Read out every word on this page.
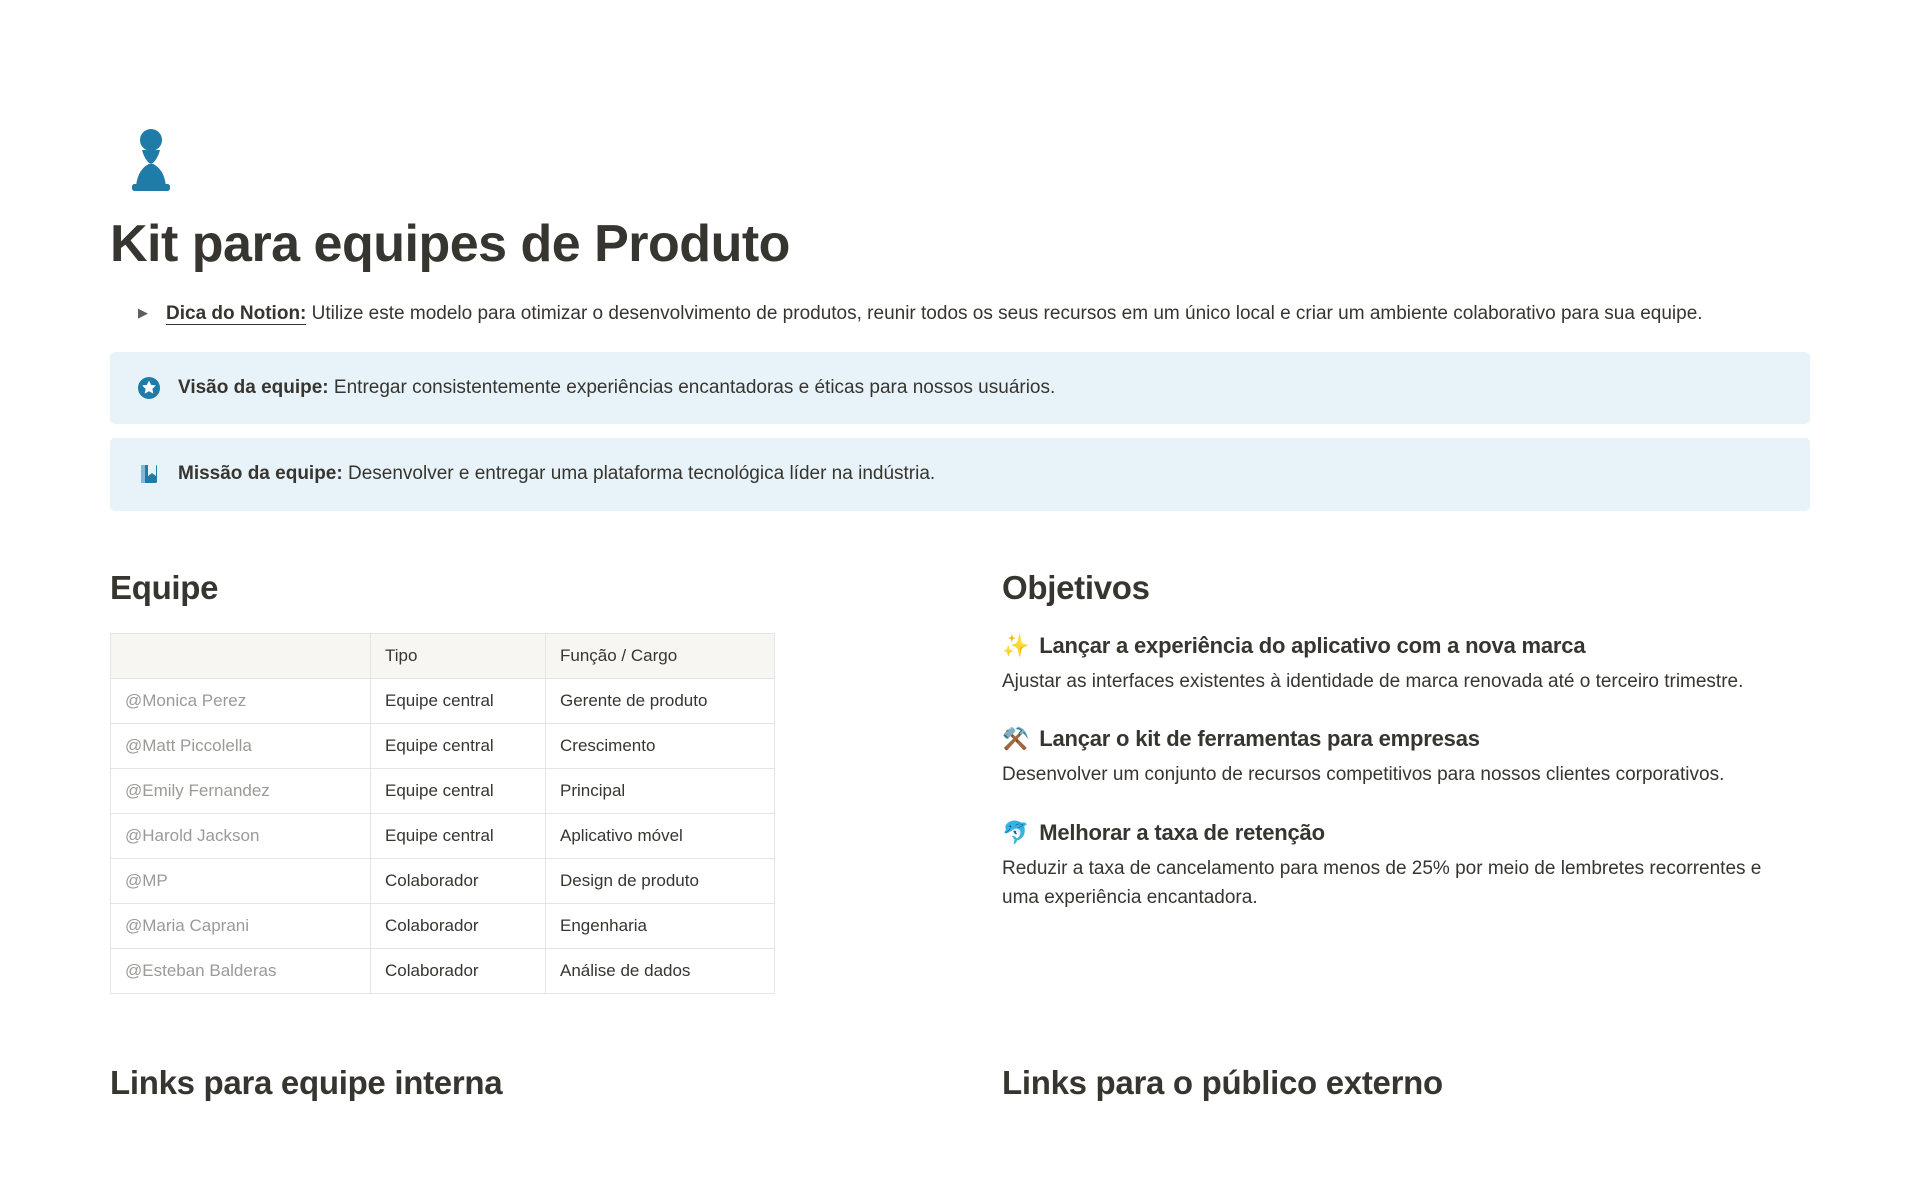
Kit para equipes de Produto
▶ Dica do Notion: Utilize este modelo para otimizar o desenvolvimento de produtos, reunir todos os seus recursos em um único local e criar um ambiente colaborativo para sua equipe.
Visão da equipe: Entregar consistentemente experiências encantadoras e éticas para nossos usuários.
Missão da equipe: Desenvolver e entregar uma plataforma tecnológica líder na indústria.
Equipe
	Tipo	Função / Cargo
@Monica Perez	Equipe central	Gerente de produto
@Matt Piccolella	Equipe central	Crescimento
@Emily Fernandez	Equipe central	Principal
@Harold Jackson	Equipe central	Aplicativo móvel
@MP	Colaborador	Design de produto
@Maria Caprani	Colaborador	Engenharia
@Esteban Balderas	Colaborador	Análise de dados
Objetivos
✨ Lançar a experiência do aplicativo com a nova marca

Ajustar as interfaces existentes à identidade de marca renovada até o terceiro trimestre.

⚒️ Lançar o kit de ferramentas para empresas

Desenvolver um conjunto de recursos competitivos para nossos clientes corporativos.

🐬 Melhorar a taxa de retenção

Reduzir a taxa de cancelamento para menos de 25% por meio de lembretes recorrentes e uma experiência encantadora.

Links para equipe interna	Links para o público externo
